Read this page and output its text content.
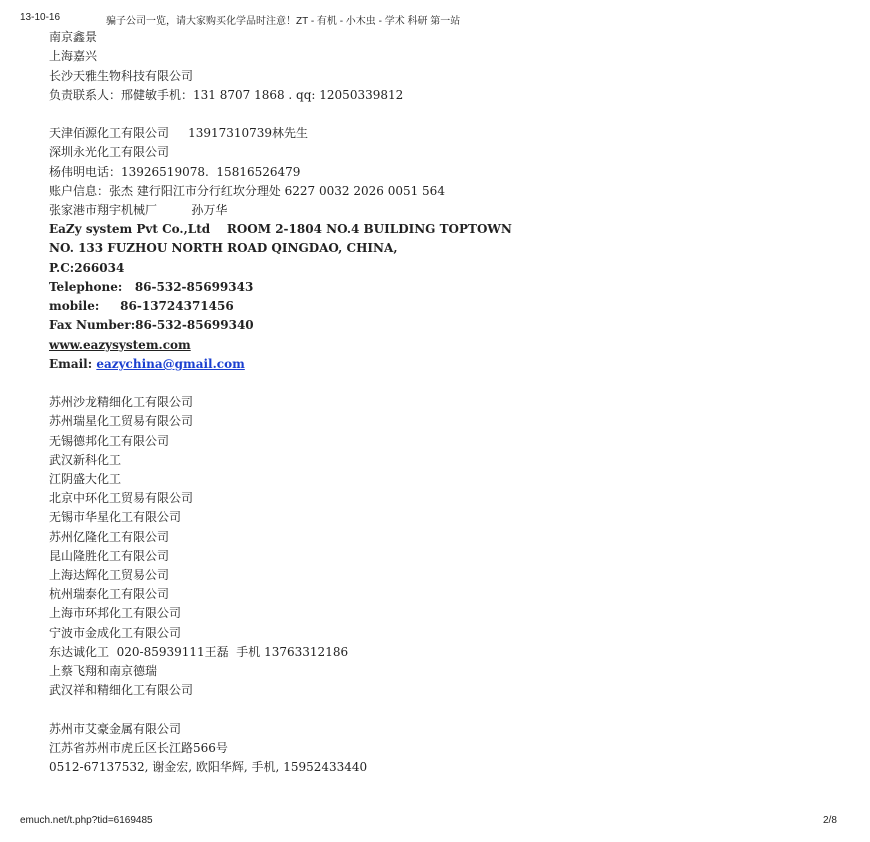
13-10-16	骗子公司一览，请大家购买化学品时注意！ZT - 有机 - 小木虫 - 学术 科研 第一站
南京鑫景
上海嘉兴
长沙天雅生物科技有限公司
负责联系人：邢健敏手机：131 8707 1868 . qq: 12050339812
天津佰源化工有限公司     13917310739林先生
深圳永光化工有限公司
杨伟明电话：13926519078.  15816526479
账户信息：张杰 建行阳江市分行红坎分理处 6227 0032 2026 0051 564
张家港市翔宇机械厂         孙万华
EaZy system Pvt Co.,Ltd    ROOM 2-1804 NO.4 BUILDING TOPTOWN
NO. 133 FUZHOU NORTH ROAD QINGDAO, CHINA,
P.C:266034
Telephone:   86-532-85699343
mobile:     86-13724371456
Fax Number:86-532-85699340
www.eazysystem.com
Email: eazychina@gmail.com
苏州沙龙精细化工有限公司
苏州瑞星化工贸易有限公司
无锡德邦化工有限公司
武汉新科化工
江阴盛大化工
北京中环化工贸易有限公司
无锡市华星化工有限公司
苏州亿隆化工有限公司
昆山隆胜化工有限公司
上海达辉化工贸易公司
杭州瑞泰化工有限公司
上海市环邦化工有限公司
宁波市金成化工有限公司
东达诚化工  020-85939111王磊  手机 13763312186
上蔡飞翔和南京德瑞
武汉祥和精细化工有限公司
苏州市艾豪金属有限公司
江苏省苏州市虎丘区长江路566号
0512-67137532, 谢金宏, 欧阳华辉, 手机, 15952433440
emuch.net/t.php?tid=6169485	2/8
